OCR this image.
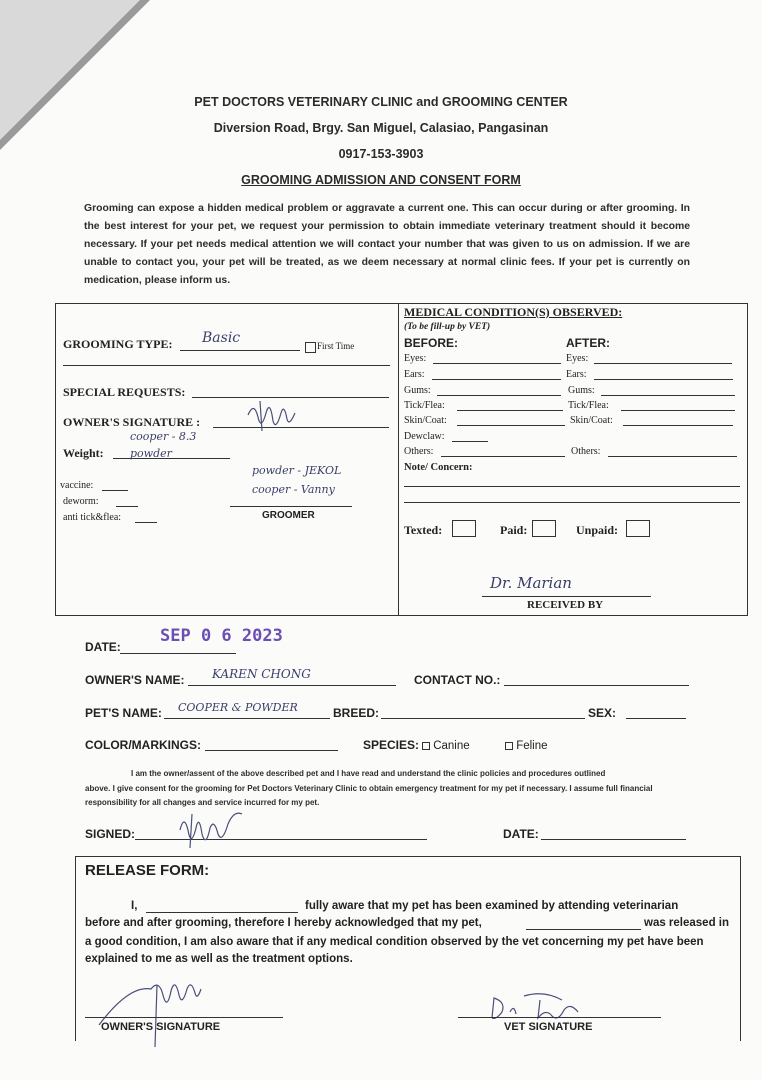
PET DOCTORS VETERINARY CLINIC and GROOMING CENTER
Diversion Road, Brgy. San Miguel, Calasiao, Pangasinan
0917-153-3903
GROOMING ADMISSION AND CONSENT FORM
Grooming can expose a hidden medical problem or aggravate a current one. This can occur during or after grooming. In the best interest for your pet, we request your permission to obtain immediate veterinary treatment should it become necessary. If your pet needs medical attention we will contact your number that was given to us on admission. If we are unable to contact you, your pet will be treated, as we deem necessary at normal clinic fees. If your pet is currently on medication, please inform us.
GROOMING TYPE: Basic	First Time
SPECIAL REQUESTS:
OWNER'S SIGNATURE :
Weight:
cooper - 8.3
powder
vaccine:
deworm:
anti tick&flea:
powder - JEKOL
cooper - Vanny
GROOMER
MEDICAL CONDITION(S) OBSERVED:
(To be fill-up by VET)
BEFORE:	AFTER:
Eyes:	Eyes:
Ears:	Ears:
Gums:	Gums:
Tick/Flea:	Tick/Flea:
Skin/Coat:	Skin/Coat:
Dewclaw:
Others:	Others:
Note/ Concern:
Texted:	Paid:	Unpaid:
Dr. Marian
RECEIVED BY
DATE:
SEP 0 6 2023
OWNER'S NAME: KAREN CHONG	CONTACT NO.:
PET'S NAME: COOPER & POWDER	BREED:	SEX:
COLOR/MARKINGS:	SPECIES:	Canine	Feline
I am the owner/assent of the above described pet and I have read and understand the clinic policies and procedures outlined
above. I give consent for the grooming for Pet Doctors Veterinary Clinic to obtain emergency treatment for my pet if necessary. I assume full financial responsibility for all changes and service incurred for my pet.
SIGNED:	DATE:
RELEASE FORM:
I,	fully aware that my pet has been examined by attending veterinarian
before and after grooming, therefore I hereby acknowledged that my pet,	was released in
a good condition, I am also aware that if any medical condition observed by the vet concerning my pet have been explained to me as well as the treatment options.
OWNER'S SIGNATURE	VET SIGNATURE
